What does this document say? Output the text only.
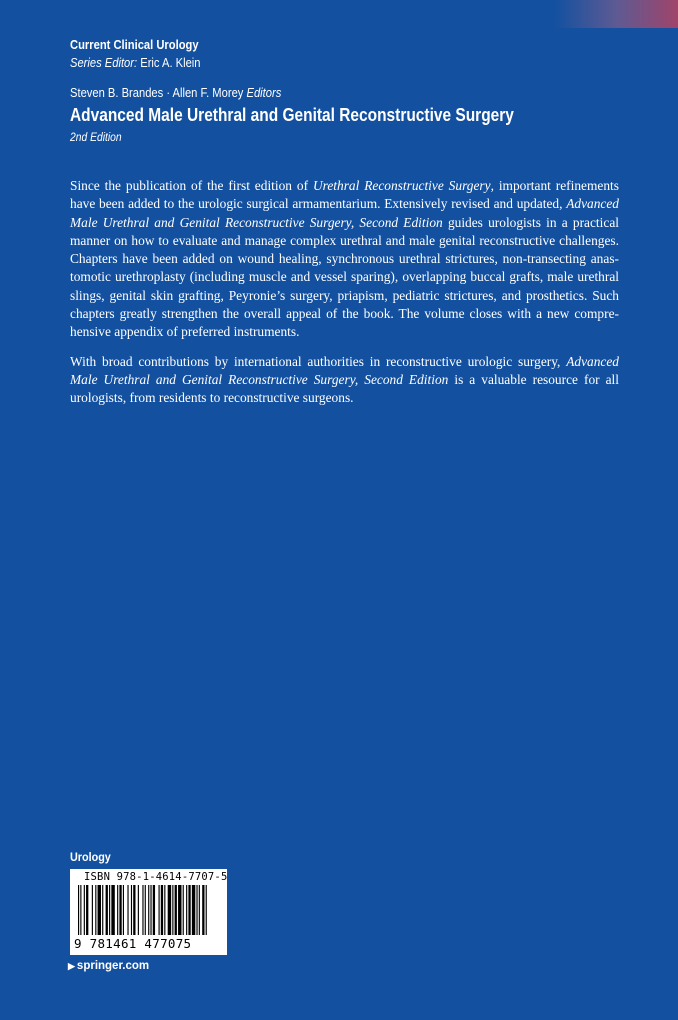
Current Clinical Urology
Series Editor: Eric A. Klein
Steven B. Brandes · Allen F. Morey Editors
Advanced Male Urethral and Genital Reconstructive Surgery
2nd Edition

Since the publication of the first edition of Urethral Reconstructive Surgery, important refinements have been added to the urologic surgical armamentarium. Extensively revised and updated, Advanced Male Urethral and Genital Reconstructive Surgery, Second Edition guides urologists in a practical manner on how to evaluate and manage complex urethral and male genital reconstructive challenges. Chapters have been added on wound healing, synchronous urethral strictures, non-transecting anastomotic urethroplasty (including muscle and vessel sparing), overlapping buccal grafts, male urethral slings, genital skin grafting, Peyronie’s surgery, priapism, pediatric strictures, and prosthetics. Such chapters greatly strengthen the overall appeal of the book. The volume closes with a new comprehensive appendix of preferred instruments.

With broad contributions by international authorities in reconstructive urologic surgery, Advanced Male Urethral and Genital Reconstructive Surgery, Second Edition is a valuable resource for all urologists, from residents to reconstructive surgeons.

Urology
ISBN 978-1-4614-7707-5
9 781461 477075
▶ springer.com
